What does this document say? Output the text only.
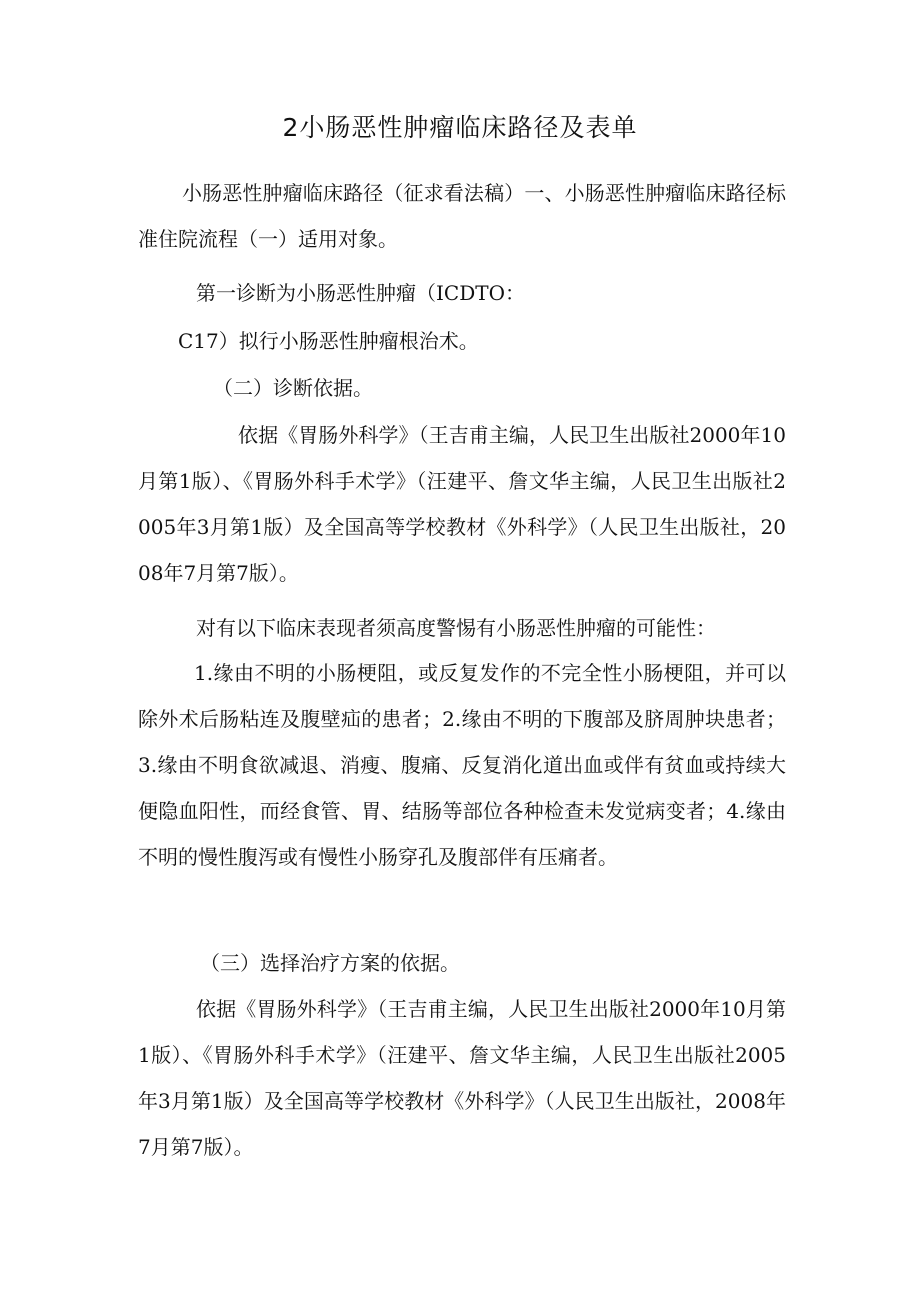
2小肠恶性肿瘤临床路径及表单
小肠恶性肿瘤临床路径（征求看法稿）一、小肠恶性肿瘤临床路径标准住院流程（一）适用对象。
第一诊断为小肠恶性肿瘤（ICDTO：
C17）拟行小肠恶性肿瘤根治术。
（二）诊断依据。
依据《胃肠外科学》（王吉甫主编，人民卫生出版社2000年10月第1版）、《胃肠外科手术学》（汪建平、詹文华主编，人民卫生出版社2005年3月第1版）及全国高等学校教材《外科学》（人民卫生出版社，2008年7月第7版）。
对有以下临床表现者须高度警惕有小肠恶性肿瘤的可能性：
1.缘由不明的小肠梗阻，或反复发作的不完全性小肠梗阻，并可以除外术后肠粘连及腹壁疝的患者；2.缘由不明的下腹部及脐周肿块患者；3.缘由不明食欲减退、消瘦、腹痛、反复消化道出血或伴有贫血或持续大便隐血阳性，而经食管、胃、结肠等部位各种检查未发觉病变者；4.缘由不明的慢性腹泻或有慢性小肠穿孔及腹部伴有压痛者。
（三）选择治疗方案的依据。
依据《胃肠外科学》（王吉甫主编，人民卫生出版社2000年10月第1版）、《胃肠外科手术学》（汪建平、詹文华主编，人民卫生出版社2005年3月第1版）及全国高等学校教材《外科学》（人民卫生出版社，2008年7月第7版）。
